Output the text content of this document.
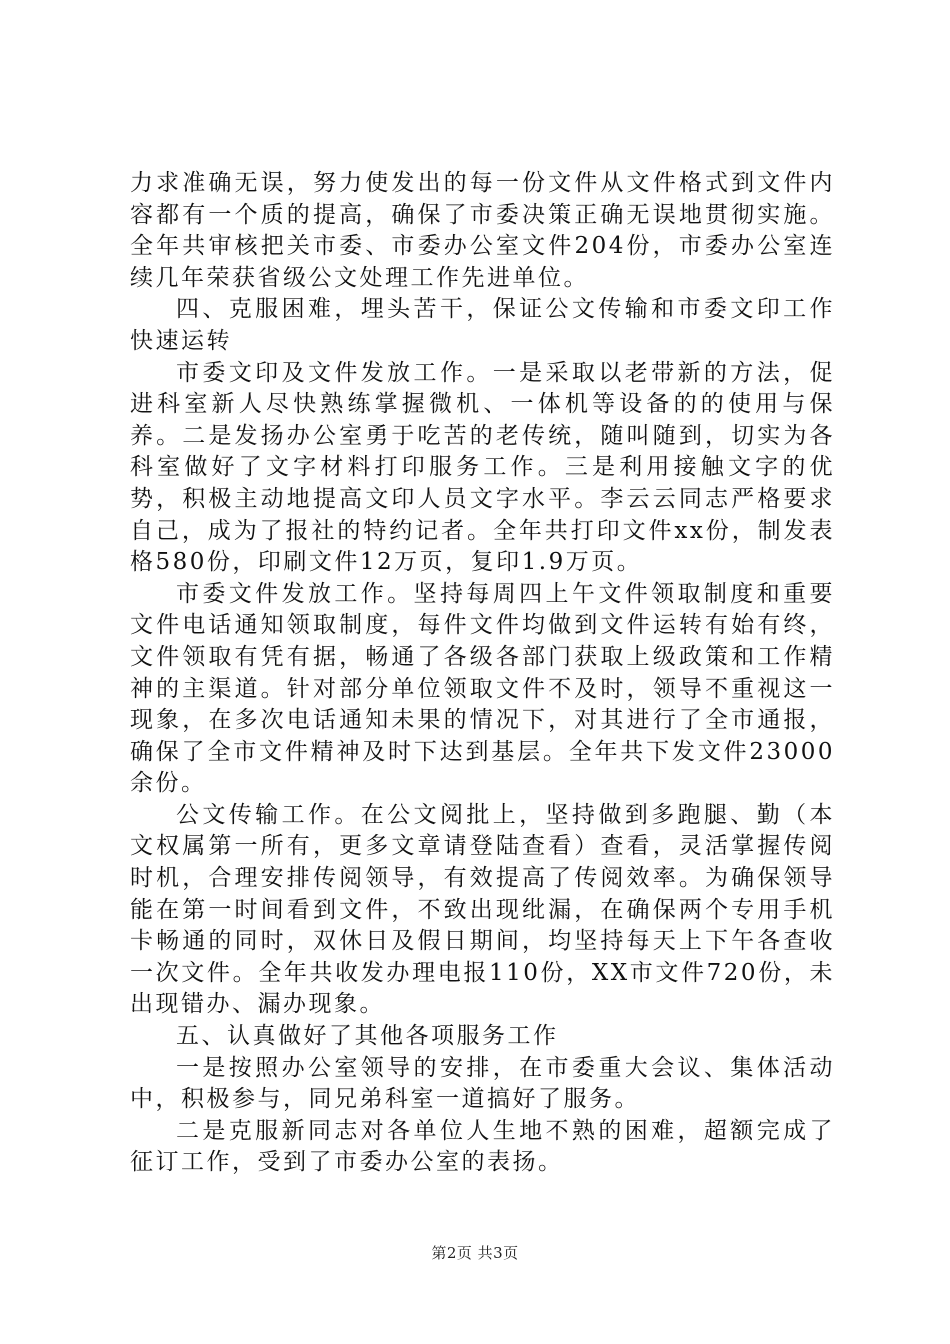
力求准确无误，努力使发出的每一份文件从文件格式到文件内容都有一个质的提高，确保了市委决策正确无误地贯彻实施。全年共审核把关市委、市委办公室文件204份，市委办公室连续几年荣获省级公文处理工作先进单位。

四、克服困难，埋头苦干，保证公文传输和市委文印工作快速运转

市委文印及文件发放工作。一是采取以老带新的方法，促进科室新人尽快熟练掌握微机、一体机等设备的的使用与保养。二是发扬办公室勇于吃苦的老传统，随叫随到，切实为各科室做好了文字材料打印服务工作。三是利用接触文字的优势，积极主动地提高文印人员文字水平。李云云同志严格要求自己，成为了报社的特约记者。全年共打印文件xx份，制发表格580份，印刷文件12万页，复印1.9万页。

市委文件发放工作。坚持每周四上午文件领取制度和重要文件电话通知领取制度，每件文件均做到文件运转有始有终，文件领取有凭有据，畅通了各级各部门获取上级政策和工作精神的主渠道。针对部分单位领取文件不及时，领导不重视这一现象，在多次电话通知未果的情况下，对其进行了全市通报，确保了全市文件精神及时下达到基层。全年共下发文件23000余份。

公文传输工作。在公文阅批上，坚持做到多跑腿、勤（本文权属第一所有，更多文章请登陆查看）查看，灵活掌握传阅时机，合理安排传阅领导，有效提高了传阅效率。为确保领导能在第一时间看到文件，不致出现纰漏，在确保两个专用手机卡畅通的同时，双休日及假日期间，均坚持每天上下午各查收一次文件。全年共收发办理电报110份，XX市文件720份，未出现错办、漏办现象。

五、认真做好了其他各项服务工作

一是按照办公室领导的安排，在市委重大会议、集体活动中，积极参与，同兄弟科室一道搞好了服务。

二是克服新同志对各单位人生地不熟的困难，超额完成了征订工作，受到了市委办公室的表扬。

第2页 共3页
